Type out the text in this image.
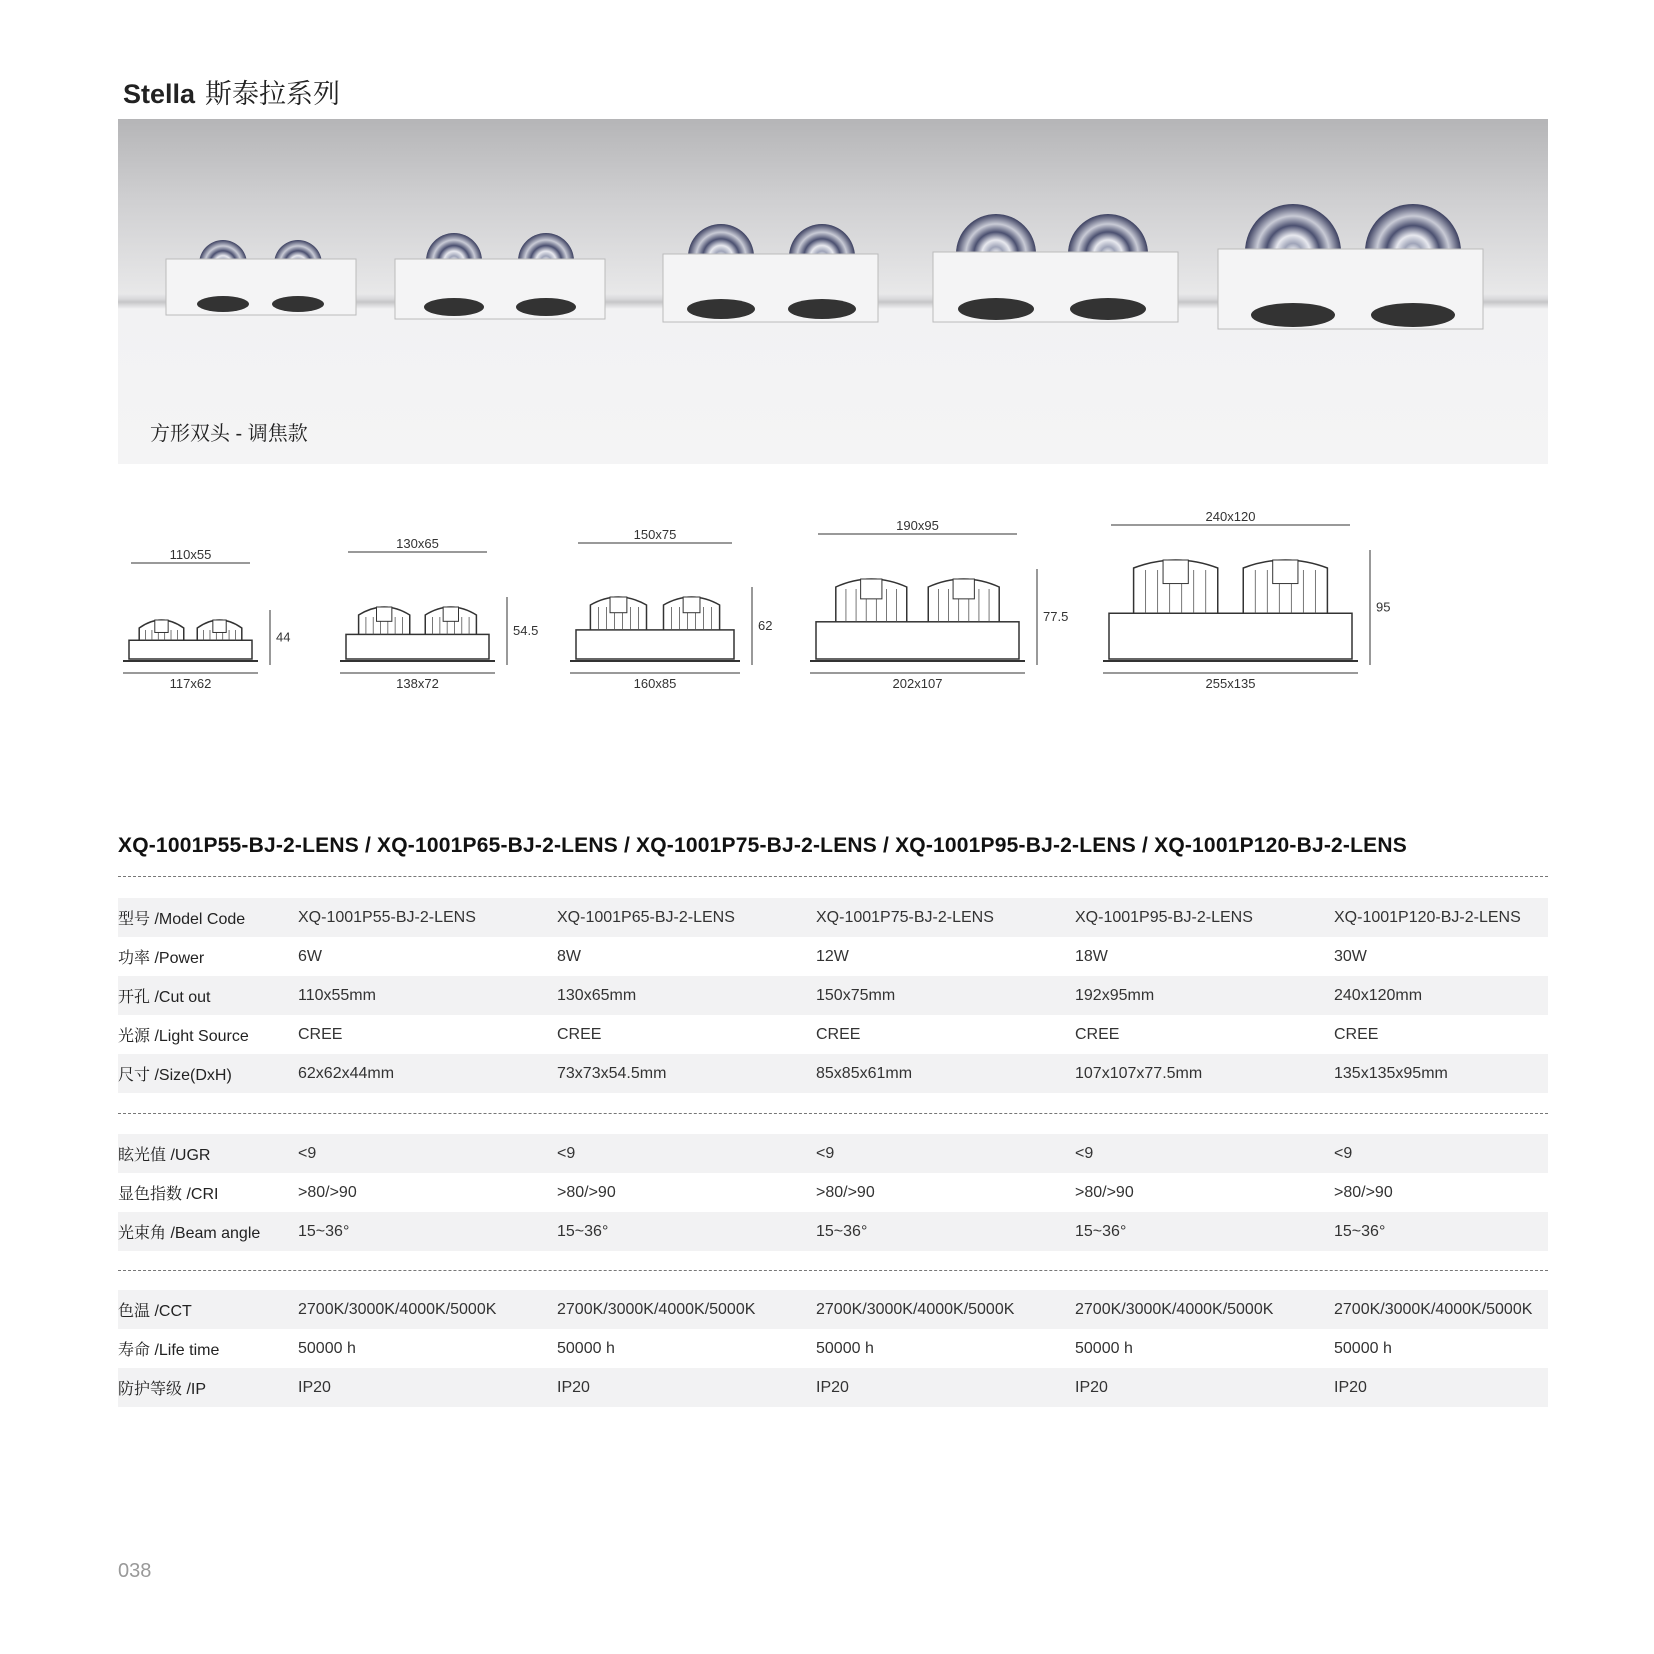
Stella 斯泰拉系列
方形双头 - 调焦款
110x55
117x62
44
130x65
138x72
54.5
150x75
160x85
62
190x95
202x107
77.5
240x120
255x135
95
XQ-1001P55-BJ-2-LENS / XQ-1001P65-BJ-2-LENS / XQ-1001P75-BJ-2-LENS / XQ-1001P95-BJ-2-LENS / XQ-1001P120-BJ-2-LENS
型号 /Model Code	XQ-1001P55-BJ-2-LENS	XQ-1001P65-BJ-2-LENS	XQ-1001P75-BJ-2-LENS	XQ-1001P95-BJ-2-LENS	XQ-1001P120-BJ-2-LENS
功率 /Power	6W	8W	12W	18W	30W
开孔 /Cut out	110x55mm	130x65mm	150x75mm	192x95mm	240x120mm
光源 /Light Source	CREE	CREE	CREE	CREE	CREE
尺寸 /Size(DxH)	62x62x44mm	73x73x54.5mm	85x85x61mm	107x107x77.5mm	135x135x95mm
眩光值 /UGR	<9	<9	<9	<9	<9
显色指数 /CRI	>80/>90	>80/>90	>80/>90	>80/>90	>80/>90
光束角 /Beam angle	15~36°	15~36°	15~36°	15~36°	15~36°
色温 /CCT	2700K/3000K/4000K/5000K	2700K/3000K/4000K/5000K	2700K/3000K/4000K/5000K	2700K/3000K/4000K/5000K	2700K/3000K/4000K/5000K
寿命 /Life time	50000 h	50000 h	50000 h	50000 h	50000 h
防护等级 /IP	IP20	IP20	IP20	IP20	IP20
038
